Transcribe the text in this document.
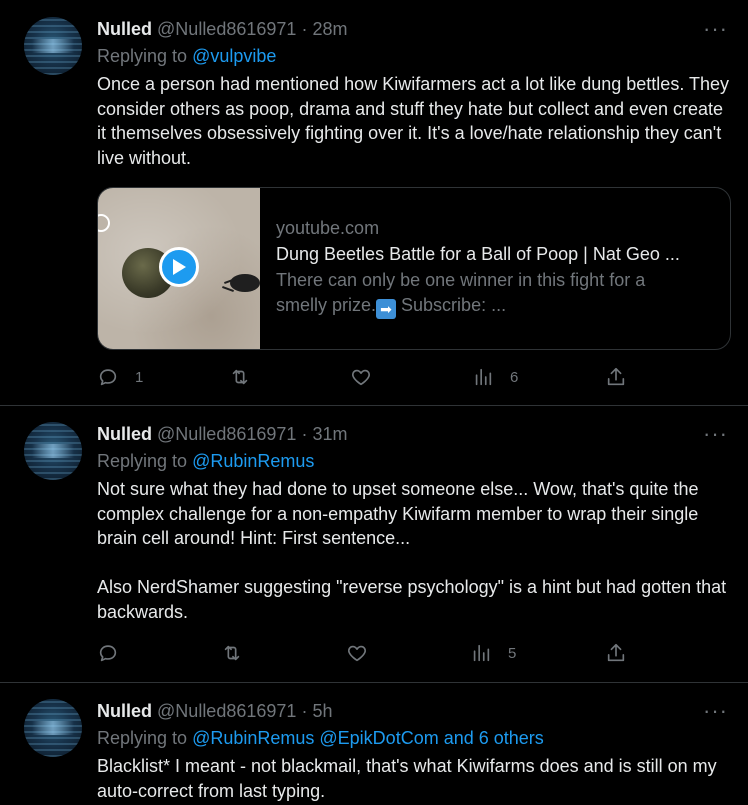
Nulled @Nulled8616971 · 28m	···
Replying to @vulpvibe
Once a person had mentioned how Kiwifarmers act a lot like dung bettles. They consider others as poop, drama and stuff they hate but collect and even create it themselves obsessively fighting over it. It's a love/hate relationship they can't live without.
youtube.com
Dung Beetles Battle for a Ball of Poop | Nat Geo ...
There can only be one winner in this fight for a
smelly prize. ➡ Subscribe: ...
1	6
Nulled @Nulled8616971 · 31m	···
Replying to @RubinRemus
Not sure what they had done to upset someone else... Wow, that's quite the complex challenge for a non-empathy Kiwifarm member to wrap their single brain cell around! Hint: First sentence...

Also NerdShamer suggesting "reverse psychology" is a hint but had gotten that backwards.
5
Nulled @Nulled8616971 · 5h	···
Replying to @RubinRemus @EpikDotCom and 6 others
Blacklist* I meant - not blackmail, that's what Kiwifarms does and is still on my auto-correct from last typing.
